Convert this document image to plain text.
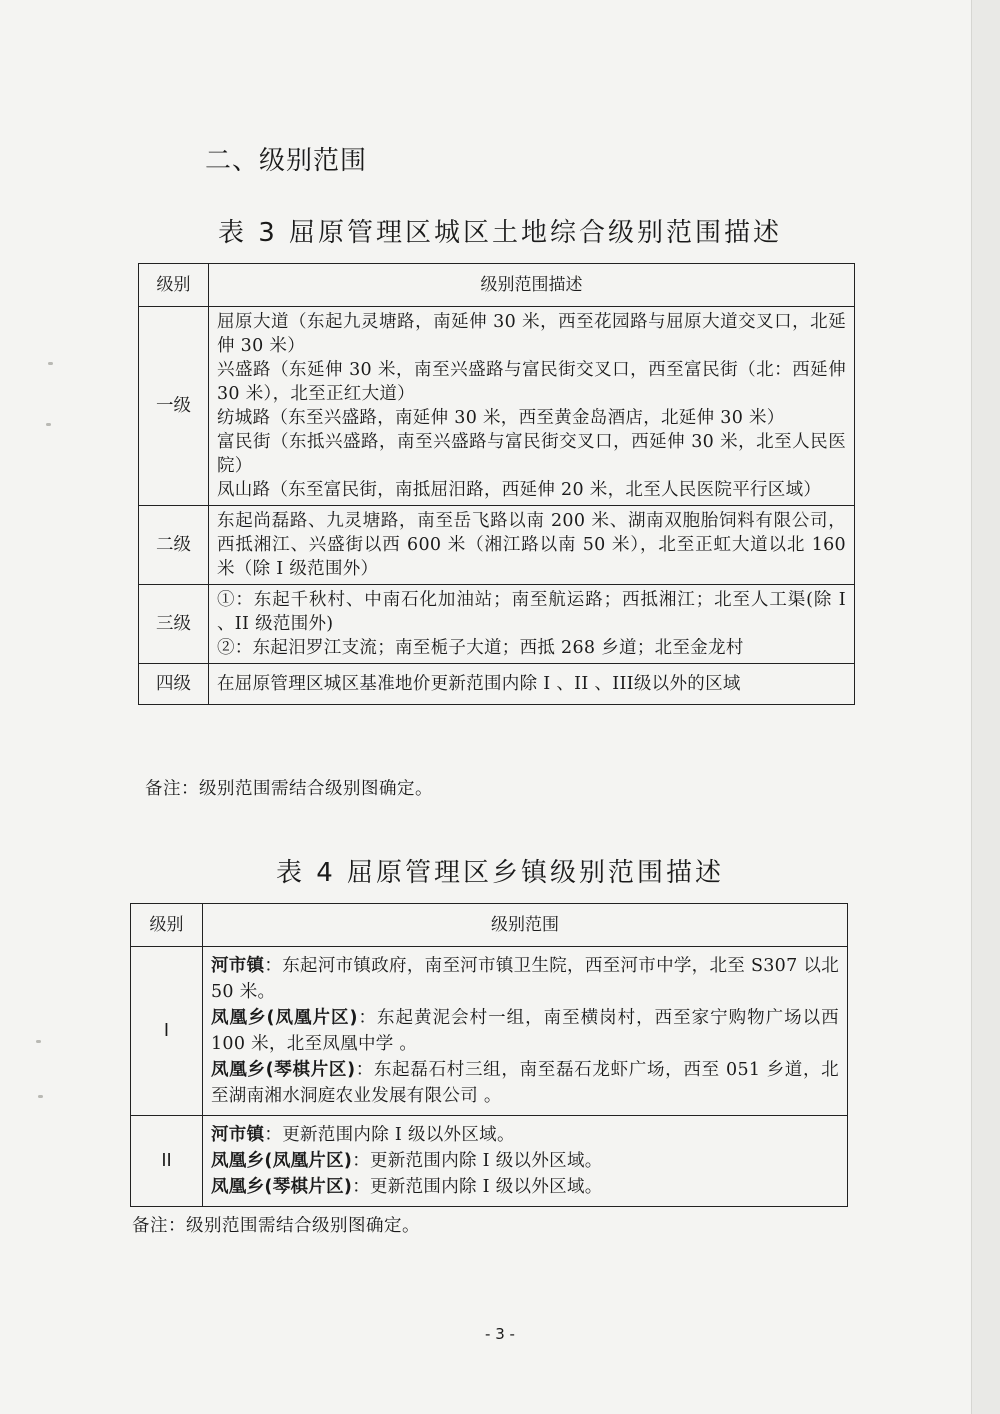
二、级别范围
表 3 屈原管理区城区土地综合级别范围描述
级别	级别范围描述
一级	屈原大道（东起九灵塘路，南延伸 30 米，西至花园路与屈原大道交叉口，北延伸 30 米）
兴盛路（东延伸 30 米，南至兴盛路与富民街交叉口，西至富民街（北：西延伸 30 米），北至正红大道）
纺城路（东至兴盛路，南延伸 30 米，西至黄金岛酒店，北延伸 30 米）
富民街（东抵兴盛路，南至兴盛路与富民街交叉口，西延伸 30 米，北至人民医院）
凤山路（东至富民街，南抵屈汨路，西延伸 20 米，北至人民医院平行区域）

二级	东起尚磊路、九灵塘路，南至岳飞路以南 200 米、湖南双胞胎饲料有限公司，西抵湘江、兴盛街以西 600 米（湘江路以南 50 米），北至正虹大道以北 160 米（除 I 级范围外）

三级	①：东起千秋村、中南石化加油站；南至航运路；西抵湘江；北至人工渠(除 I 、II 级范围外)
②：东起汨罗江支流；南至栀子大道；西抵 268 乡道；北至金龙村

四级	在屈原管理区城区基准地价更新范围内除 I 、II 、III级以外的区域
备注：级别范围需结合级别图确定。
表 4 屈原管理区乡镇级别范围描述
级别	级别范围
I	河市镇：东起河市镇政府，南至河市镇卫生院，西至河市中学，北至 S307 以北 50 米。
凤凰乡(凤凰片区)：东起黄泥会村一组，南至横岗村，西至家宁购物广场以西 100 米，北至凤凰中学 。
凤凰乡(琴棋片区)：东起磊石村三组，南至磊石龙虾广场，西至 051 乡道，北至湖南湘水洞庭农业发展有限公司 。

II	河市镇：更新范围内除 I 级以外区域。
凤凰乡(凤凰片区)：更新范围内除 I 级以外区域。
凤凰乡(琴棋片区)：更新范围内除 I 级以外区域。
备注：级别范围需结合级别图确定。
- 3 -
